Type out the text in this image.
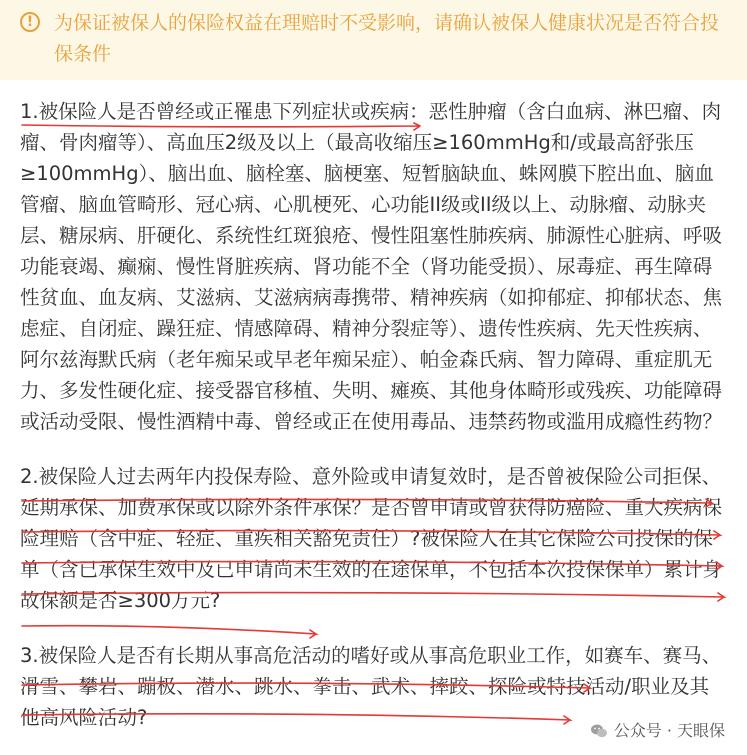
!	为保证被保人的保险权益在理赔时不受影响，请确认被保人健康状况是否符合投保条件

1.被保险人是否曾经或正罹患下列症状或疾病：恶性肿瘤（含白血病、淋巴瘤、肉瘤、骨肉瘤等）、高血压2级及以上（最高收缩压≥160mmHg和/或最高舒张压≥100mmHg）、脑出血、脑栓塞、脑梗塞、短暂脑缺血、蛛网膜下腔出血、脑血管瘤、脑血管畸形、冠心病、心肌梗死、心功能II级或II级以上、动脉瘤、动脉夹层、糖尿病、肝硬化、系统性红斑狼疮、慢性阻塞性肺疾病、肺源性心脏病、呼吸功能衰竭、癫痫、慢性肾脏疾病、肾功能不全（肾功能受损）、尿毒症、再生障碍性贫血、血友病、艾滋病、艾滋病病毒携带、精神疾病（如抑郁症、抑郁状态、焦虑症、自闭症、躁狂症、情感障碍、精神分裂症等）、遗传性疾病、先天性疾病、阿尔兹海默氏病（老年痴呆或早老年痴呆症）、帕金森氏病、智力障碍、重症肌无力、多发性硬化症、接受器官移植、失明、瘫痪、其他身体畸形或残疾、功能障碍或活动受限、慢性酒精中毒、曾经或正在使用毒品、违禁药物或滥用成瘾性药物？

2.被保险人过去两年内投保寿险、意外险或申请复效时，是否曾被保险公司拒保、延期承保、加费承保或以除外条件承保？是否曾申请或曾获得防癌险、重大疾病保险理赔（含中症、轻症、重疾相关豁免责任）?被保险人在其它保险公司投保的保单（含已承保生效中及已申请尚未生效的在途保单，不包括本次投保保单）累计身故保额是否≥300万元?

3.被保险人是否有长期从事高危活动的嗜好或从事高危职业工作，如赛车、赛马、滑雪、攀岩、蹦极、潜水、跳水、拳击、武术、摔跤、探险或特技活动/职业及其他高风险活动?

公众号 · 天眼保
